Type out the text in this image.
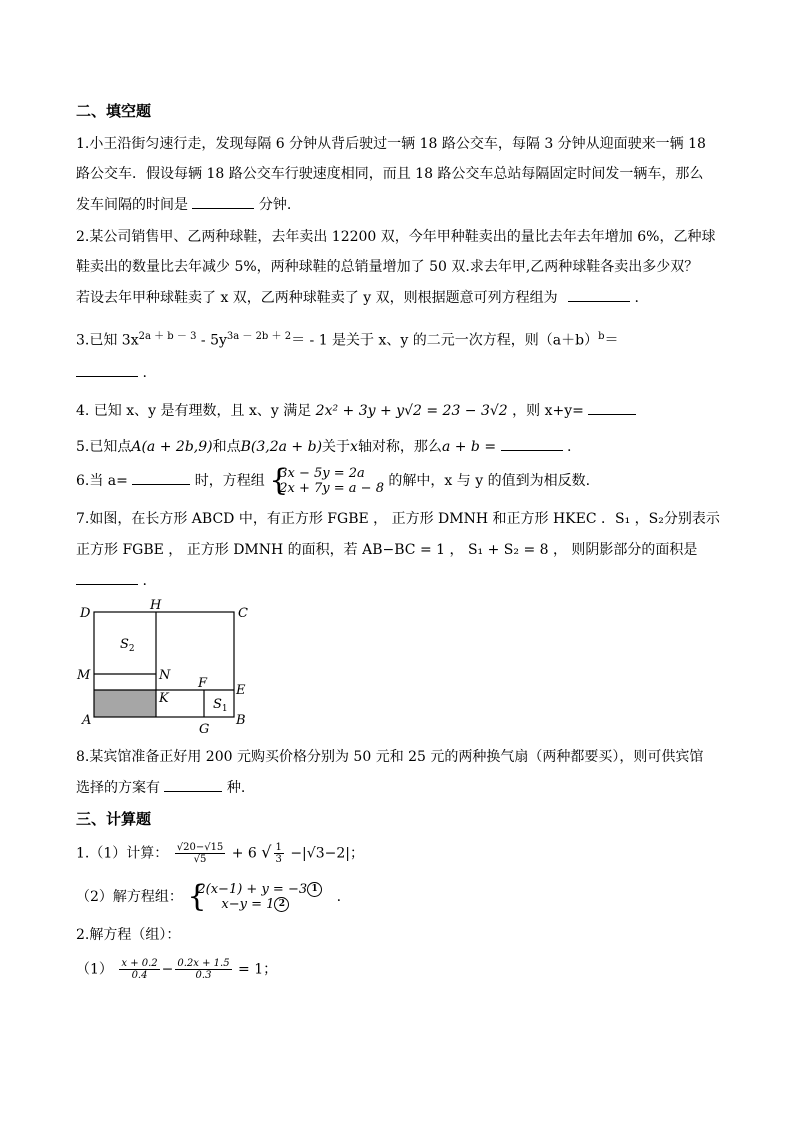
二、填空题
1.小王沿街匀速行走，发现每隔 6 分钟从背后驶过一辆 18 路公交车，每隔 3 分钟从迎面驶来一辆 18
路公交车．假设每辆 18 路公交车行驶速度相同，而且 18 路公交车总站每隔固定时间发一辆车，那么
发车间隔的时间是	分钟.
2.某公司销售甲、乙两种球鞋，去年卖出 12200 双，今年甲种鞋卖出的量比去年去年增加 6%，乙种球
鞋卖出的数量比去年减少 5%，两种球鞋的总销量增加了 50 双.求去年甲,乙两种球鞋各卖出多少双？
若设去年甲种球鞋卖了 x 双，乙两种球鞋卖了 y 双，则根据题意可列方程组为	.
3.已知 $3x^{2a + b - 3} - 5y^{3a - 2b + 2}= - 1$ 是关于 x、y 的二元一次方程，则$(a+b)^b=$
.
4. 已知 x、y 是有理数，且 x、y 满足 2x² + 3y + y√2 = 23 − 3√2 ，则 x+y=
5.已知点A(a + 2b,9)和点B(3,2a + b)关于x轴对称，那么a + b =	.
6.当 a=	时，方程组 {
3x − 5y = 2a
2x + 7y = a − 8 的解中，x 与 y 的值到为相反数.
7.如图，在长方形 ABCD 中，有正方形 FGBE ， 正方形 DMNH 和正方形 HKEC ．S₁ ，S₂分别表示
正方形 FGBE ， 正方形 DMNH 的面积，若 AB−BC = 1 ， S₁ + S₂ = 8 ， 则阴影部分的面积是
.
D
H
C
M	N
F E
A
K
G
B
$S_2$
$S_1$
8.某宾馆准备正好用 200 元购买价格分别为 50 元和 25 元的两种换气扇（两种都要买），则可供宾馆
选择的方案有	种.
三、计算题
1.（1）计算： $\frac{√20-√15}{√5} + 6$ √ $\frac{1}{3} -|√3-2|$；
（2）解方程组： {
2(x−1) + y = −3 1
x−y = 1 2	.
2.解方程（组）：
$(1) \frac{x + 0.2}{0.4} - \frac{0.2x + 1.5}{0.3} = 1$；
